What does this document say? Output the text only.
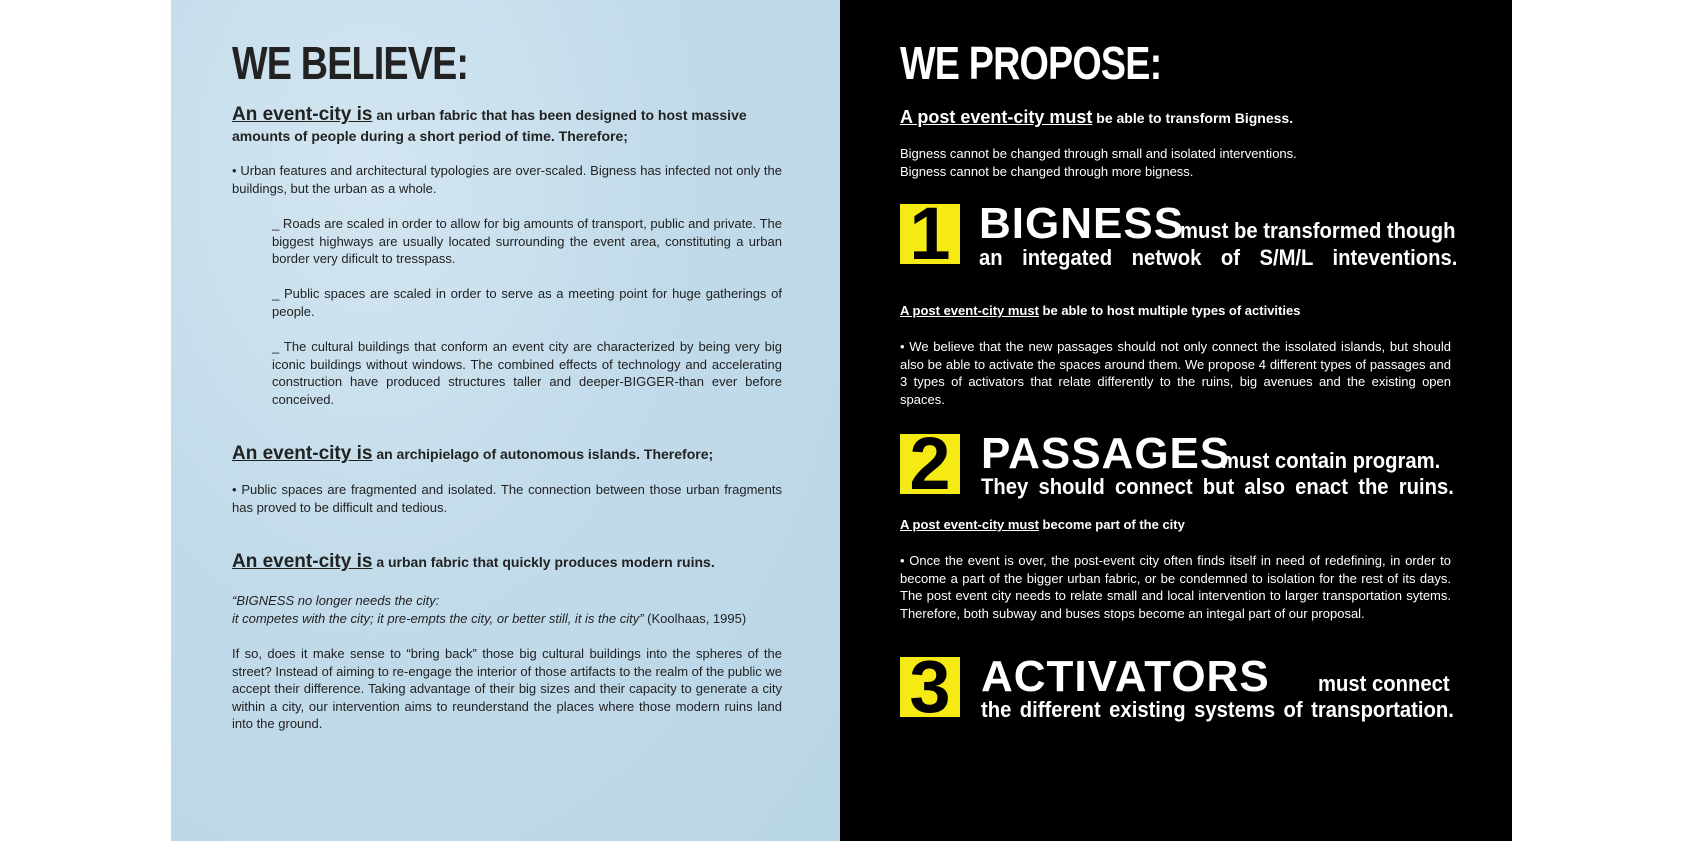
WE BELIEVE:
An event-city is an urban fabric that has been designed to host massive
amounts of people during a short period of time. Therefore;
• Urban features and architectural typologies are over-scaled. Bigness has infected not only the buildings, but the urban as a whole.
_ Roads are scaled in order to allow for big amounts of transport, public and private. The biggest highways are usually located surrounding the event area, constituting a urban border very dificult to tresspass.
_ Public spaces are scaled in order to serve as a meeting point for huge gatherings of people.
_ The cultural buildings that conform an event city are characterized by being very big iconic buildings without windows. The combined effects of technology and accelerating construction have produced structures taller and deeper-BIGGER-than ever before conceived.
An event-city is an archipielago of autonomous islands. Therefore;
• Public spaces are fragmented and isolated. The connection between those urban fragments has proved to be difficult and tedious.
An event-city is a urban fabric that quickly produces modern ruins.
“BIGNESS no longer needs the city:
it competes with the city; it pre-empts the city, or better still, it is the city” (Koolhaas, 1995)
If so, does it make sense to “bring back” those big cultural buildings into the spheres of the street? Instead of aiming to re-engage the interior of those artifacts to the realm of the public we accept their difference. Taking advantage of their big sizes and their capacity to generate a city within a city, our intervention aims to reunderstand the places where those modern ruins land into the ground.
WE PROPOSE:
A post event-city must be able to transform Bigness.
Bigness cannot be changed through small and isolated interventions.
Bigness cannot be changed through more bigness.
1 BIGNESS
must be transformed though
an integated netwok of S/M/L inteventions.
A post event-city must be able to host multiple types of activities
• We believe that the new passages should not only connect the issolated islands, but should also be able to activate the spaces around them. We propose 4 different types of passages and 3 types of activators that relate differently to the ruins, big avenues and the existing open spaces.
2 PASSAGES
must contain program.
They should connect but also enact the ruins.
A post event-city must become part of the city
• Once the event is over, the post-event city often finds itself in need of redefining, in order to become a part of the bigger urban fabric, or be condemned to isolation for the rest of its days. The post event city needs to relate small and local intervention to larger transportation sytems. Therefore, both subway and buses stops become an integal part of our proposal.
3 ACTIVATORS must connect
the different existing systems of transportation.
